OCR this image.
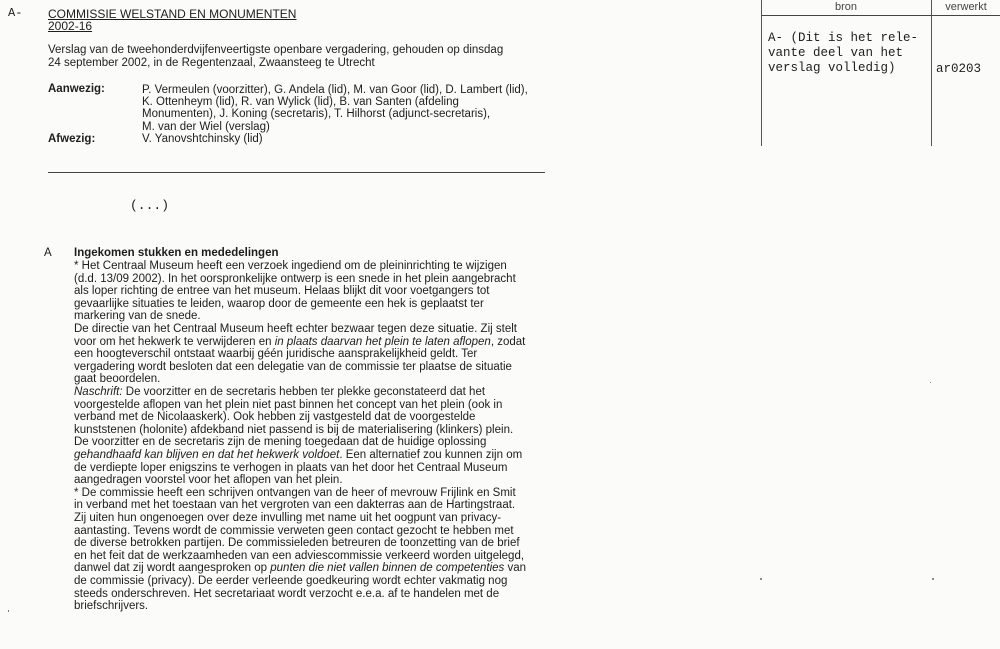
A- COMMISSIE WELSTAND EN MONUMENTEN
2002-16
Verslag van de tweehonderdvijfenveertigste openbare vergadering, gehouden op dinsdag
24 september 2002, in de Regentenzaal, Zwaansteeg te Utrecht
Aanwezig:	P. Vermeulen (voorzitter), G. Andela (lid), M. van Goor (lid), D. Lambert (lid),
K. Ottenheym (lid), R. van Wylick (lid), B. van Santen (afdeling
Monumenten), J. Koning (secretaris), T. Hilhorst (adjunct-secretaris),
M. van der Wiel (verslag)
Afwezig:	V. Yanovshtchinsky (lid)
(...)
A Ingekomen stukken en mededelingen
* Het Centraal Museum heeft een verzoek ingediend om de pleininrichting te wijzigen
(d.d. 13/09 2002). In het oorspronkelijke ontwerp is een snede in het plein aangebracht
als loper richting de entree van het museum. Helaas blijkt dit voor voetgangers tot
gevaarlijke situaties te leiden, waarop door de gemeente een hek is geplaatst ter
markering van de snede.
De directie van het Centraal Museum heeft echter bezwaar tegen deze situatie. Zij stelt
voor om het hekwerk te verwijderen en in plaats daarvan het plein te laten aflopen, zodat
een hoogteverschil ontstaat waarbij géén juridische aansprakelijkheid geldt. Ter
vergadering wordt besloten dat een delegatie van de commissie ter plaatse de situatie
gaat beoordelen.
Naschrift: De voorzitter en de secretaris hebben ter plekke geconstateerd dat het
voorgestelde aflopen van het plein niet past binnen het concept van het plein (ook in
verband met de Nicolaaskerk). Ook hebben zij vastgesteld dat de voorgestelde
kunststenen (holonite) afdekband niet passend is bij de materialisering (klinkers) plein.
De voorzitter en de secretaris zijn de mening toegedaan dat de huidige oplossing
gehandhaafd kan blijven en dat het hekwerk voldoet. Een alternatief zou kunnen zijn om
de verdiepte loper enigszins te verhogen in plaats van het door het Centraal Museum
aangedragen voorstel voor het aflopen van het plein.
* De commissie heeft een schrijven ontvangen van de heer of mevrouw Frijlink en Smit
in verband met het toestaan van het vergroten van een dakterras aan de Hartingstraat.
Zij uiten hun ongenoegen over deze invulling met name uit het oogpunt van privacy-
aantasting. Tevens wordt de commissie verweten geen contact gezocht te hebben met
de diverse betrokken partijen. De commissieleden betreuren de toonzetting van de brief
en het feit dat de werkzaamheden van een adviescommissie verkeerd worden uitgelegd,
danwel dat zij wordt aangesproken op punten die niet vallen binnen de competenties van
de commissie (privacy). De eerder verleende goedkeuring wordt echter vakmatig nog
steeds onderschreven. Het secretariaat wordt verzocht e.e.a. af te handelen met de
briefschrijvers.
bron	verwerkt
A- (Dit is het rele-
vante deel van het
verslag volledig)	ar0203
